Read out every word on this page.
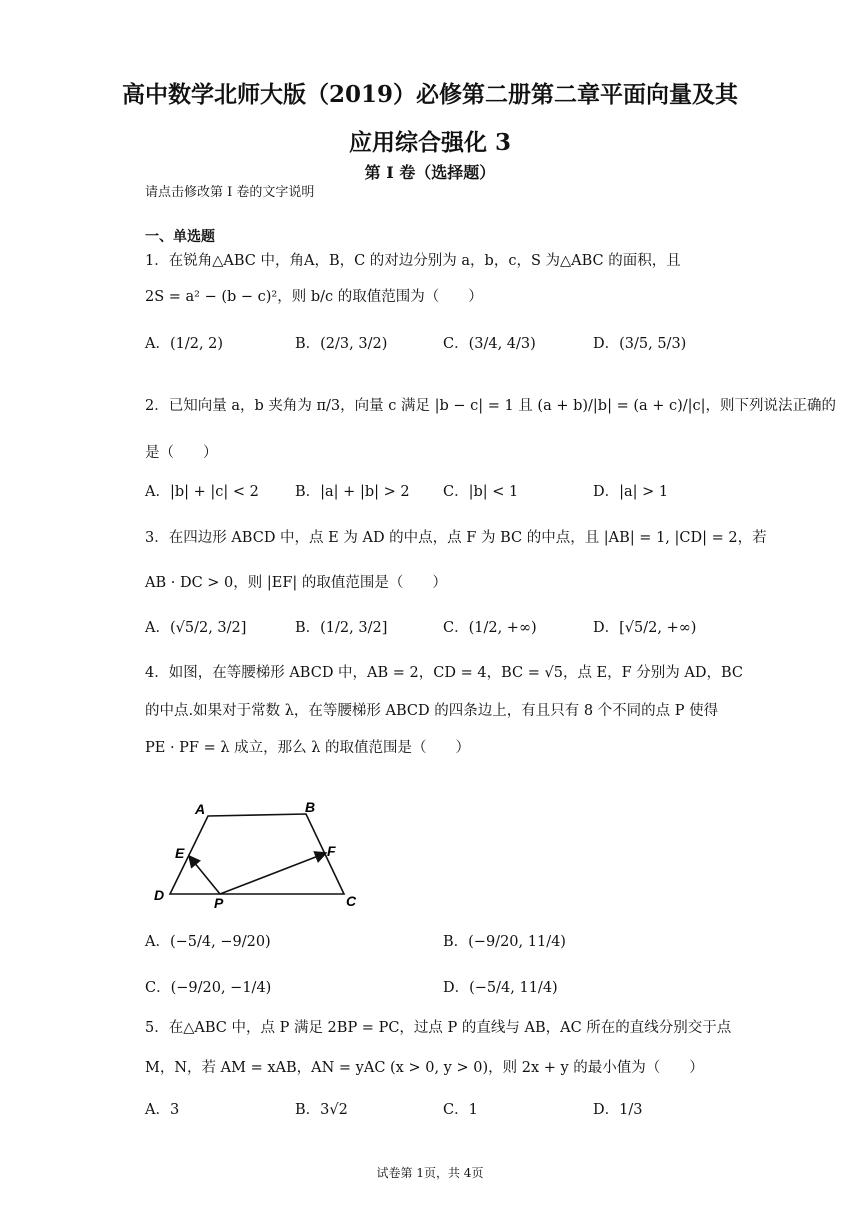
高中数学北师大版（2019）必修第二册第二章平面向量及其
应用综合强化 3
第 I 卷（选择题）
请点击修改第 I 卷的文字说明
一、单选题
1．在锐角△ABC 中，角A，B，C 的对边分别为 a，b，c，S 为△ABC 的面积，且
2S = a² − (b − c)²，则 b/c 的取值范围为（　　）
A．(1/2, 2)	B．(2/3, 3/2)	C．(3/4, 4/3)	D．(3/5, 5/3)
2．已知向量 a，b 夹角为 π/3，向量 c 满足 |b − c| = 1 且 (a + b)/|b| = (a + c)/|c|，则下列说法正确的
是（　　）
A．|b| + |c| < 2 B．|a| + |b| > 2 C．|b| < 1	D．|a| > 1
3．在四边形 ABCD 中，点 E 为 AD 的中点，点 F 为 BC 的中点，且 |AB| = 1, |CD| = 2，若
AB · DC > 0，则 |EF| 的取值范围是（　　）
A．(√5/2, 3/2]	B．(1/2, 3/2]	C．(1/2, +∞)	D．[√5/2, +∞)
4．如图，在等腰梯形 ABCD 中，AB = 2，CD = 4，BC = √5，点 E，F 分别为 AD，BC
的中点.如果对于常数 λ，在等腰梯形 ABCD 的四条边上，有且只有 8 个不同的点 P 使得
PE · PF = λ 成立，那么 λ 的取值范围是（　　）
A	B
C
D
E	F
P
A．(−5/4, −9/20)	B．(−9/20, 11/4)
C．(−9/20, −1/4)	D．(−5/4, 11/4)
5．在△ABC 中，点 P 满足 2BP = PC，过点 P 的直线与 AB，AC 所在的直线分别交于点
M，N，若 AM = xAB，AN = yAC (x > 0, y > 0)，则 2x + y 的最小值为（　　）
A．3	B．3√2	C．1	D．1/3
试卷第 1页，共 4页
